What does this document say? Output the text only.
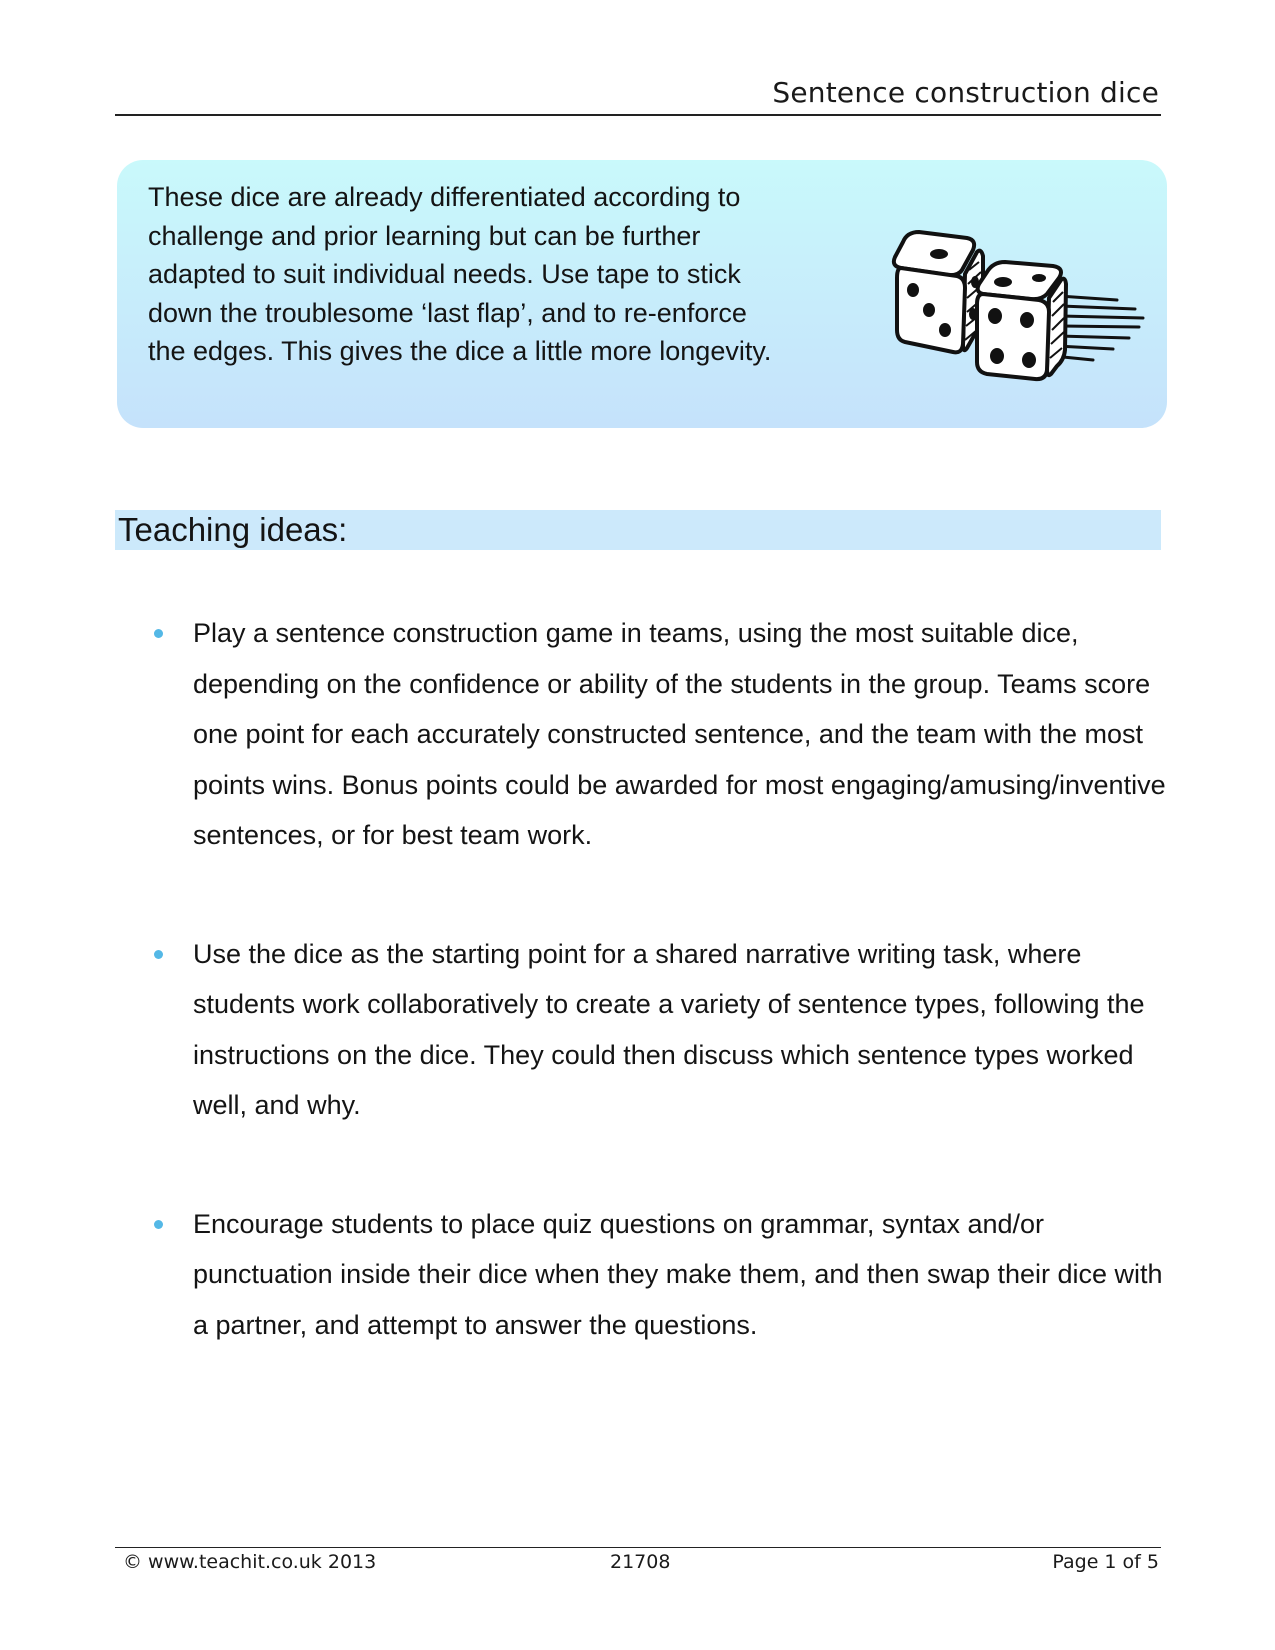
Sentence construction dice
These dice are already differentiated according to challenge and prior learning but can be further adapted to suit individual needs. Use tape to stick down the troublesome ‘last flap’, and to re-enforce the edges. This gives the dice a little more longevity.
Teaching ideas:
Play a sentence construction game in teams, using the most suitable dice, depending on the confidence or ability of the students in the group. Teams score one point for each accurately constructed sentence, and the team with the most points wins. Bonus points could be awarded for most engaging/amusing/inventive sentences, or for best team work.
Use the dice as the starting point for a shared narrative writing task, where students work collaboratively to create a variety of sentence types, following the instructions on the dice. They could then discuss which sentence types worked well, and why.
Encourage students to place quiz questions on grammar, syntax and/or punctuation inside their dice when they make them, and then swap their dice with a partner, and attempt to answer the questions.
© www.teachit.co.uk 2013	21708	Page 1 of 5
